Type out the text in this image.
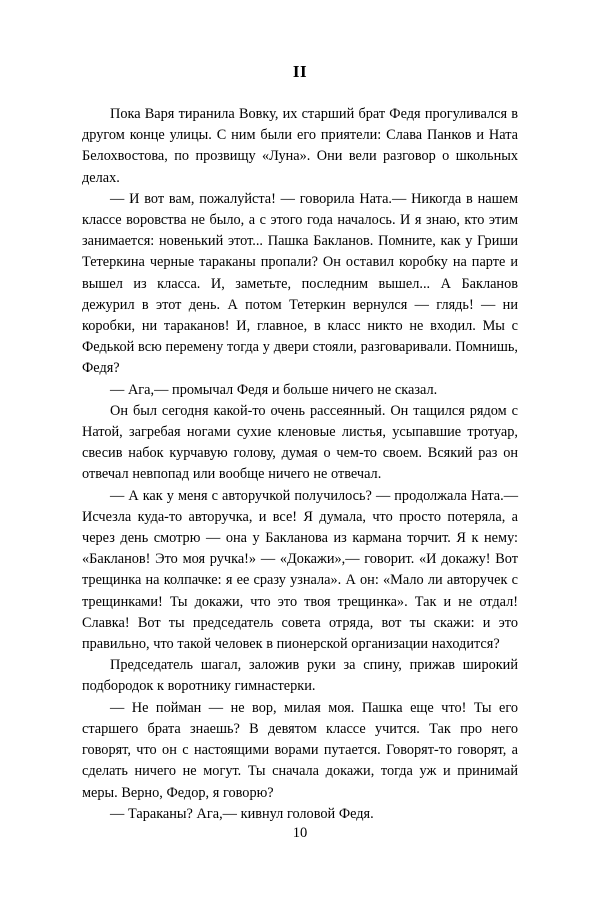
II

Пока Варя тиранила Вовку, их старший брат Федя прогуливался в другом конце улицы. С ним были его приятели: Слава Панков и Ната Белохвостова, по прозвищу «Луна». Они вели разговор о школьных делах.

— И вот вам, пожалуйста! — говорила Ната.— Никогда в нашем классе воровства не было, а с этого года началось. И я знаю, кто этим занимается: новенький этот... Пашка Бакланов. Помните, как у Гриши Тетеркина черные тараканы пропали? Он оставил коробку на парте и вышел из класса. И, заметьте, последним вышел... А Бакланов дежурил в этот день. А потом Тетеркин вернулся — глядь! — ни коробки, ни тараканов! И, главное, в класс никто не входил. Мы с Федькой всю перемену тогда у двери стояли, разговаривали. Помнишь, Федя?

— Ага,— промычал Федя и больше ничего не сказал.

Он был сегодня какой-то очень рассеянный. Он тащился рядом с Натой, загребая ногами сухие кленовые листья, усыпавшие тротуар, свесив набок курчавую голову, думая о чем-то своем. Всякий раз он отвечал невпопад или вообще ничего не отвечал.

— А как у меня с авторучкой получилось? — продолжала Ната.— Исчезла куда-то авторучка, и все! Я думала, что просто потеряла, а через день смотрю — она у Бакланова из кармана торчит. Я к нему: «Бакланов! Это моя ручка!» — «Докажи»,— говорит. «И докажу! Вот трещинка на колпачке: я ее сразу узнала». А он: «Мало ли авторучек с трещинками! Ты докажи, что это твоя трещинка». Так и не отдал! Славка! Вот ты председатель совета отряда, вот ты скажи: и это правильно, что такой человек в пионерской организации находится?

Председатель шагал, заложив руки за спину, прижав широкий подбородок к воротнику гимнастерки.

— Не пойман — не вор, милая моя. Пашка еще что! Ты его старшего брата знаешь? В девятом классе учится. Так про него говорят, что он с настоящими ворами путается. Говорят-то говорят, а сделать ничего не могут. Ты сначала докажи, тогда уж и принимай меры. Верно, Федор, я говорю?

— Тараканы? Ага,— кивнул головой Федя.

10
